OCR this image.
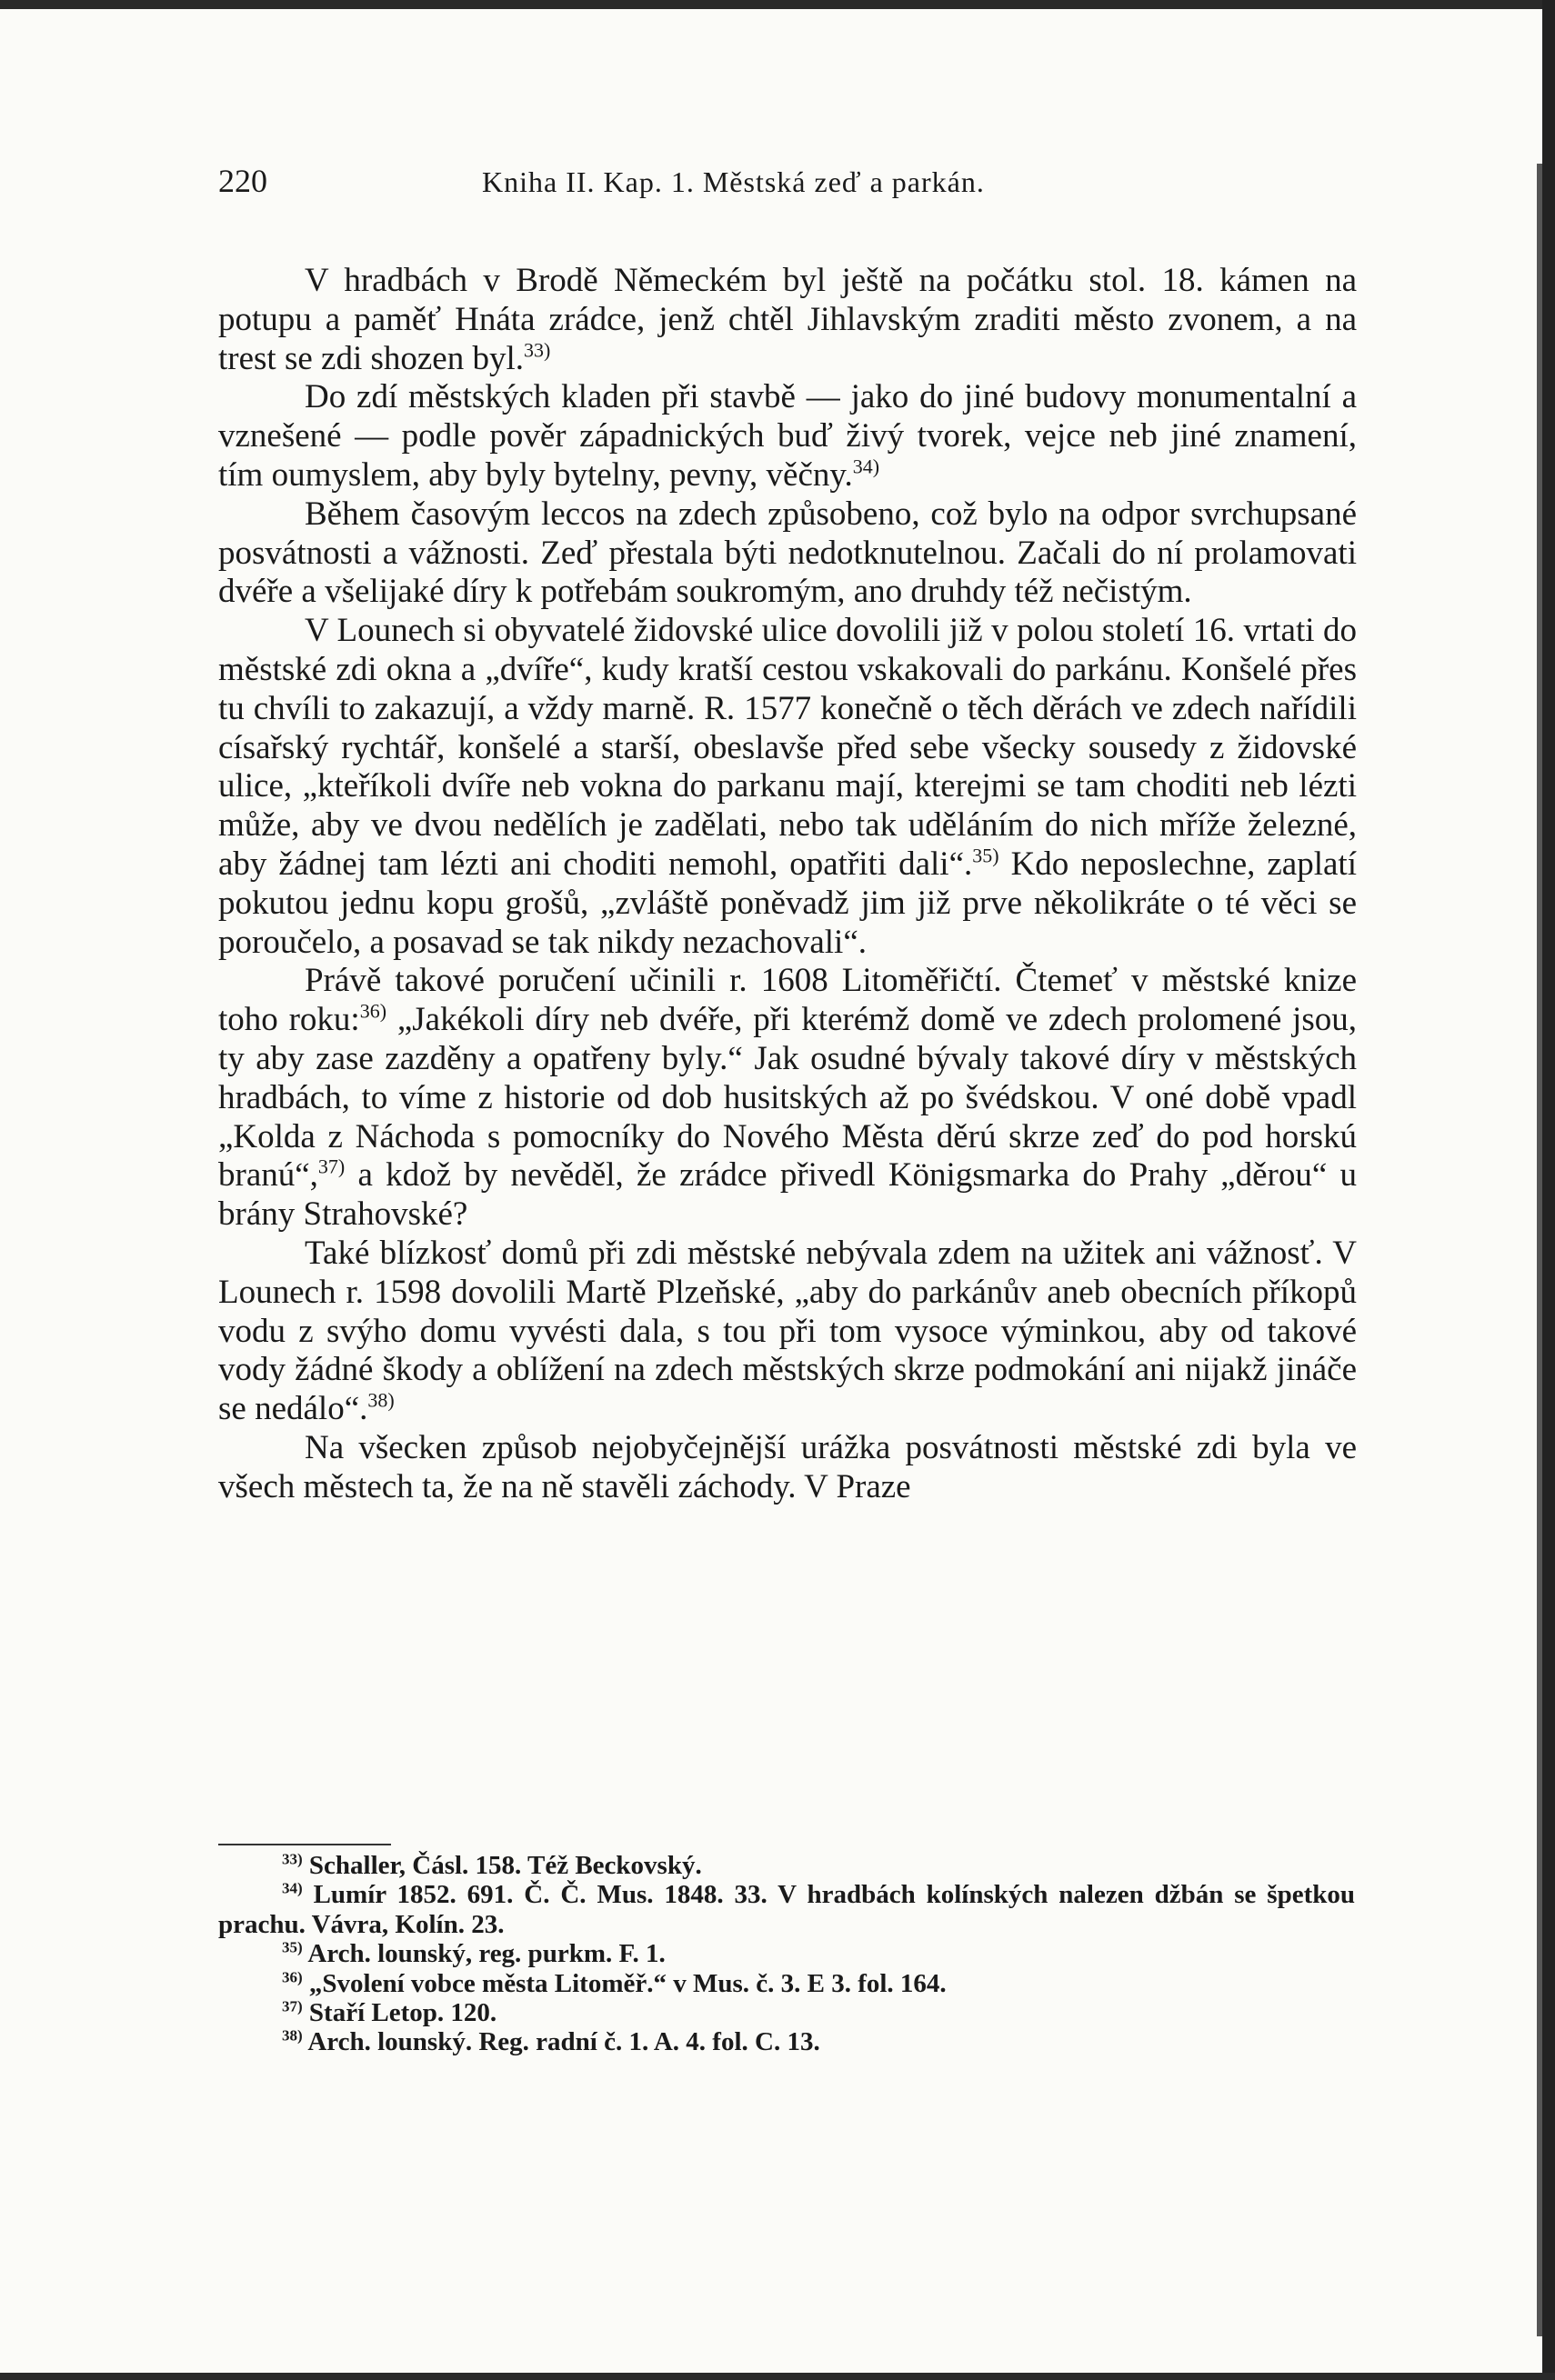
220	Kniha II. Kap. 1. Městská zeď a parkán.

V hradbách v Brodě Německém byl ještě na počátku stol. 18. kámen na potupu a paměť Hnáta zrádce, jenž chtěl Jihlavským zraditi město zvonem, a na trest se zdi shozen byl.$^{33)}$

Do zdí městských kladen při stavbě — jako do jiné budovy monumentalní a vznešené — podle pověr západnických buď živý tvorek, vejce neb jiné znamení, tím oumyslem, aby byly bytelny, pevny, věčny.$^{34)}$

Během časovým leccos na zdech způsobeno, což bylo na odpor svrchupsané posvátnosti a vážnosti. Zeď přestala býti nedotknutelnou. Začali do ní prolamovati dvéře a všelijaké díry k potřebám soukromým, ano druhdy též nečistým.

V Lounech si obyvatelé židovské ulice dovolili již v polou století 16. vrtati do městské zdi okna a „dvíře“, kudy kratší cestou vskakovali do parkánu. Konšelé přes tu chvíli to zakazují, a vždy marně. R. 1577 konečně o těch děrách ve zdech nařídili císařský rychtář, konšelé a starší, obeslavše před sebe všecky sousedy z židovské ulice, „kteříkoli dvíře neb vokna do parkanu mají, kterejmi se tam choditi neb lézti může, aby ve dvou nedělích je zadělati, nebo tak uděláním do nich mříže železné, aby žádnej tam lézti ani choditi nemohl, opatřiti dali“.$^{35)}$ Kdo neposlechne, zaplatí pokutou jednu kopu grošů, „zvláště poněvadž jim již prve několikráte o té věci se poroučelo, a posavad se tak nikdy nezachovali“.

Právě takové poručení učinili r. 1608 Litoměřičtí. Čtemeť v městské knize toho roku:$^{36)}$ „Jakékoli díry neb dvéře, při kterémž domě ve zdech prolomené jsou, ty aby zase zazděny a opatřeny byly.“ Jak osudné bývaly takové díry v městských hradbách, to víme z historie od dob husitských až po švédskou. V oné době vpadl „Kolda z Náchoda s pomocníky do Nového Města děrú skrze zeď do pod horskú branú“,$^{37)}$ a kdož by nevěděl, že zrádce přivedl Königsmarka do Prahy „děrou“ u brány Strahovské?

Také blízkosť domů při zdi městské nebývala zdem na užitek ani vážnosť. V Lounech r. 1598 dovolili Martě Plzeňské, „aby do parkánův aneb obecních příkopů vodu z svýho domu vyvésti dala, s tou při tom vysoce výminkou, aby od takové vody žádné škody a oblížení na zdech městských skrze podmokání ani nijakž jináče se nedálo“.$^{38)}$

Na všecken způsob nejobyčejnější urážka posvátnosti městské zdi byla ve všech městech ta, že na ně stavěli záchody. V Praze

$^{33)}$ Schaller, Čásl. 158. Též Beckovský.

$^{34)}$ Lumír 1852. 691. Č. Č. Mus. 1848. 33. V hradbách kolínských nalezen džbán se špetkou prachu. Vávra, Kolín. 23.

$^{35)}$ Arch. lounský, reg. purkm. F. 1.

$^{36)}$ „Svolení vobce města Litoměř.“ v Mus. č. 3. E 3. fol. 164.

$^{37)}$ Staří Letop. 120.

$^{38)}$ Arch. lounský. Reg. radní č. 1. A. 4. fol. C. 13.
